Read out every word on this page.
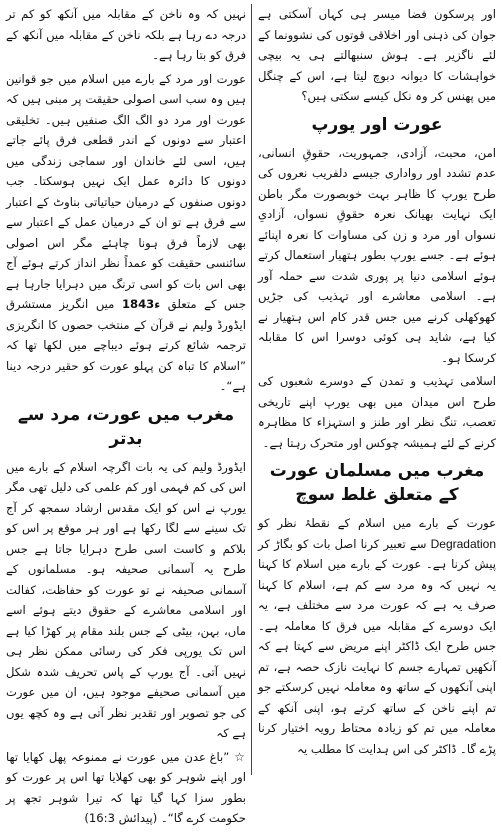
اور پرسکون فضا میسر ہی کہاں آسکتی ہے جوان کی ذہنی اور اخلاقی قوتوں کی نشوونما کے لئے ناگزیر ہے۔ ہوش سنبھالتے ہی یہ بیچی خواہشات کا دیوانہ دبوچ لیتا ہے، اس کے چنگل میں پھنس کر وہ نکل کیسے سکتی ہیں؟

عورت اور یورپ

امن، محبت، آزادی، جمہوریت، حقوقِ انسانی، عدم تشدد اور رواداری جیسے دلفریب نعروں کی طرح یورپ کا ظاہر بہت خوبصورت مگر باطن ایک نہایت بھیانک نعرہ حقوقِ نسواں، آزادیِ نسواں اور مرد و زن کی مساوات کا نعرہ اپنائے ہوئے ہے۔ جسے یورپ بطور ہتھیار استعمال کرتے ہوئے اسلامی دنیا پر پوری شدت سے حملہ آور ہے۔ اسلامی معاشرے اور تہذیب کی جڑیں کھوکھلی کرنے میں جس قدر کام اس ہتھیار نے کیا ہے، شاید ہی کوئی دوسرا اس کا مقابلہ کرسکا ہو۔

اسلامی تہذیب و تمدن کے دوسرے شعبوں کی طرح اس میدان میں بھی یورپ اپنے تاریخی تعصب، تنگ نظر اور طنز و استہزاء کا مظاہرہ کرنے کے لئے ہمیشہ چوکس اور متحرک رہتا ہے۔

مغرب میں مسلمان عورت کے متعلق غلط سوچ

عورت کے بارے میں اسلام کے نقطۂ نظر کو Degradation سے تعبیر کرنا اصل بات کو بگاڑ کر پیش کرنا ہے۔ عورت کے بارے میں اسلام کا کہنا یہ نہیں کہ وہ مرد سے کم ہے، اسلام کا کہنا صرف یہ ہے کہ عورت مرد سے مختلف ہے، یہ ایک دوسرے کے مقابلہ میں فرق کا معاملہ ہے۔ جس طرح ایک ڈاکٹر اپنے مریض سے کہتا ہے کہ آنکھیں تمہارے جسم کا نہایت نازک حصہ ہے، تم اپنی آنکھوں کے ساتھ وہ معاملہ نہیں کرسکتے جو تم اپنے ناخن کے ساتھ کرتے ہو، اپنی آنکھ کے معاملہ میں تم کو زیادہ محتاط رویہ اختیار کرنا پڑے گا۔ ڈاکٹر کی اس ہدایت کا مطلب یہ

نہیں کہ وہ ناخن کے مقابلہ میں آنکھ کو کم تر درجہ دے رہا ہے بلکہ ناخن کے مقابلہ میں آنکھ کے فرق کو بتا رہا ہے۔

عورت اور مرد کے بارے میں اسلام میں جو قوانین ہیں وہ سب اسی اصولی حقیقت پر مبنی ہیں کہ عورت اور مرد دو الگ الگ صنفیں ہیں۔ تخلیقی اعتبار سے دونوں کے اندر قطعی فرق پائے جاتے ہیں، اسی لئے خاندان اور سماجی زندگی میں دونوں کا دائرہ عمل ایک نہیں ہوسکتا۔ جب دونوں صنفوں کے درمیان حیاتیاتی بناوٹ کے اعتبار سے فرق ہے تو ان کے درمیان عمل کے اعتبار سے بھی لازماً فرق ہونا چاہئے مگر اس اصولی سائنسی حقیقت کو عمداً نظر انداز کرتے ہوئے آج بھی اس بات کو اسی ترنگ میں دہرایا جارہا ہے جس کے متعلق 1843ء میں انگریز مستشرق ایڈورڈ ولیم نے قرآن کے منتخب حصوں کا انگریزی ترجمہ شائع کرتے ہوئے دیباچے میں لکھا تھا کہ ”اسلام کا تباہ کن پہلو عورت کو حقیر درجہ دینا ہے“۔

مغرب میں عورت، مرد سے بدتر

ایڈورڈ ولیم کی یہ بات اگرچہ اسلام کے بارے میں اس کی کم فہمی اور کم علمی کی دلیل تھی مگر یورپ نے اس کو ایک مقدس ارشاد سمجھ کر آج تک سینے سے لگا رکھا ہے اور ہر موقع پر اس کو بلاکم و کاست اسی طرح دہرایا جاتا ہے جس طرح یہ آسمانی صحیفہ ہو۔ مسلمانوں کے آسمانی صحیفہ نے تو عورت کو حفاظت، کفالت اور اسلامی معاشرے کے حقوق دیتے ہوئے اسے ماں، بہن، بیٹی کے جس بلند مقام پر کھڑا کیا ہے اس تک یورپی فکر کی رسائی ممکن نظر ہی نہیں آتی۔ آج یورپ کے پاس تحریف شدہ شکل میں آسمانی صحیفے موجود ہیں، ان میں عورت کی جو تصویر اور تقدیر نظر آتی ہے وہ کچھ یوں ہے کہ

☆ ”باغ عدن میں عورت نے ممنوعہ پھل کھایا تھا اور اپنے شوہر کو بھی کھلایا تھا اس پر عورت کو بطور سزا کہا گیا تھا کہ تیرا شوہر تجھ پر حکومت کرے گا“۔ (پیدائش 16:3)
